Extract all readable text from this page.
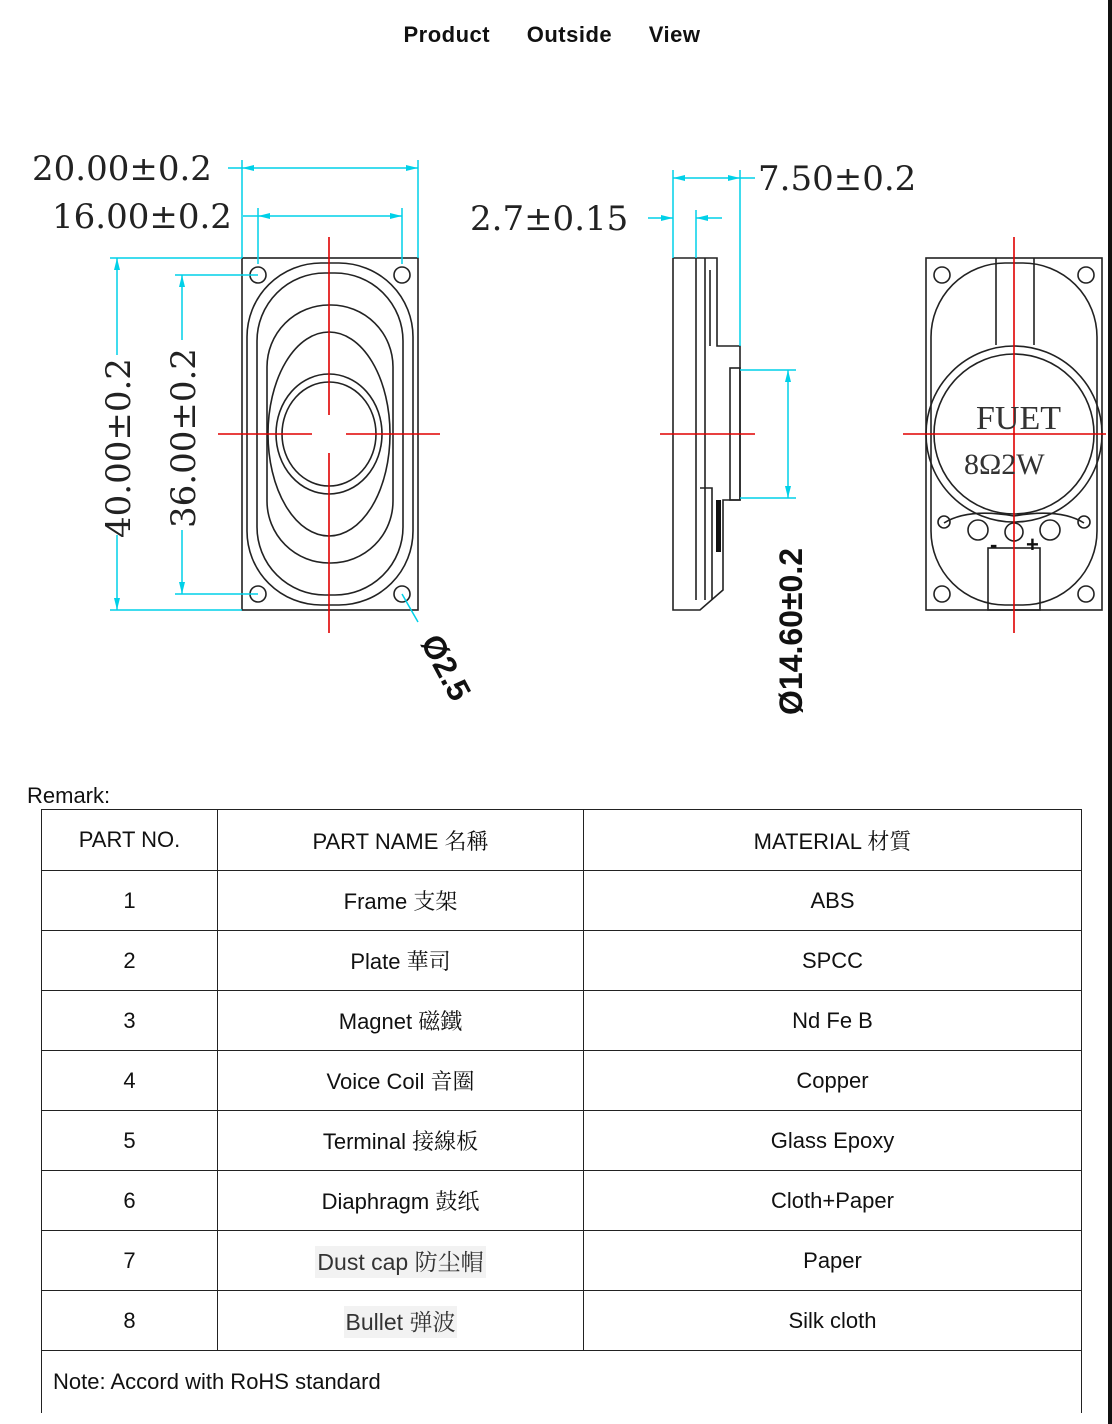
Product Outside View
20.00±0.2
16.00±0.2
40.00±0.2 36.00±0.2
Ø2.5
7.50±0.2
2.7±0.15
Ø14.60±0.2
FUET
8Ω2W
- +
Remark:
PART NO.	PART NAME 名稱	MATERIAL 材質
1	Frame 支架	ABS
2	Plate 華司	SPCC
3	Magnet 磁鐵	Nd Fe B
4	Voice Coil 音圈	Copper
5	Terminal 接線板	Glass Epoxy
6	Diaphragm 鼓纸	Cloth+Paper
7	Dust cap 防尘帽	Paper
8	Bullet 弹波	Silk cloth
Note: Accord with RoHS standard		
